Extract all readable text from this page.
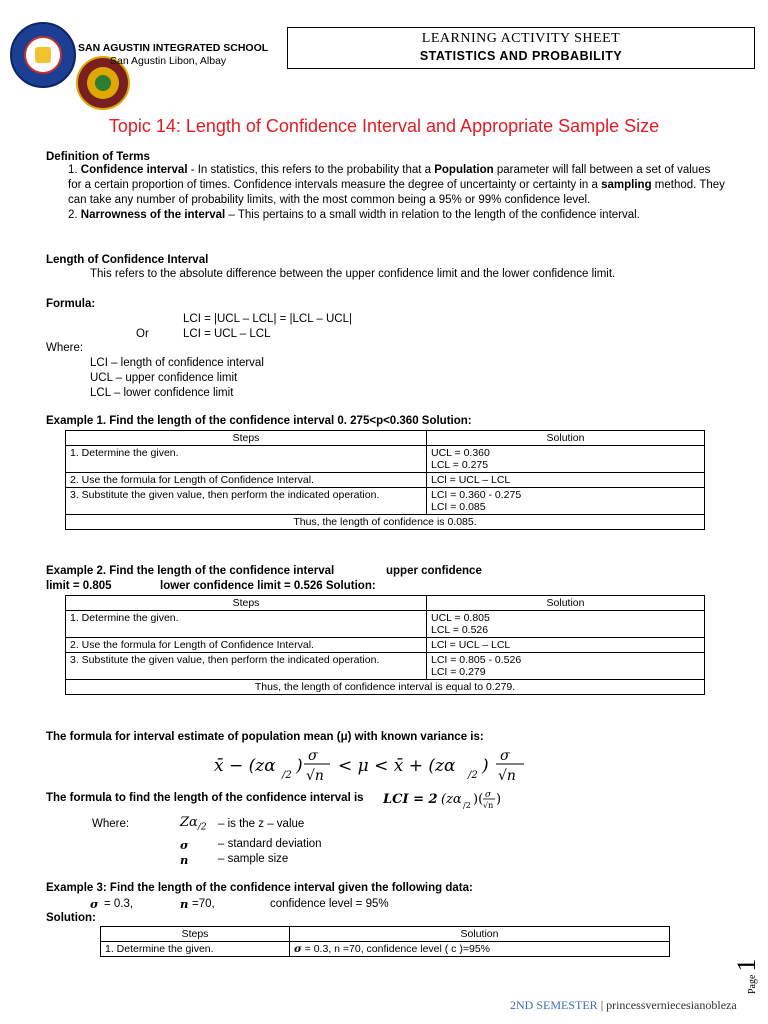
SAN AGUSTIN INTEGRATED SCHOOL
San Agustin Libon, Albay
LEARNING ACTIVITY SHEET
STATISTICS AND PROBABILITY
Topic 14: Length of Confidence Interval and Appropriate Sample Size

Definition of Terms

1. Confidence interval - In statistics, this refers to the probability that a Population parameter will fall between a set of values for a certain proportion of times. Confidence intervals measure the degree of uncertainty or certainty in a sampling method. They can take any number of probability limits, with the most common being a 95% or 99% confidence level.

2. Narrowness of the interval – This pertains to a small width in relation to the length of the confidence interval.

Length of Confidence Interval
This refers to the absolute difference between the upper confidence limit and the lower confidence limit.
Formula:
LCI = |UCL – LCL| = |LCL – UCL|
Or	LCI = UCL – LCL
Where:
LCI – length of confidence interval
UCL – upper confidence limit
LCL – lower confidence limit
Example 1. Find the length of the confidence interval 0. 275<p<0.360 Solution:
Steps	Solution
1. Determine the given.	UCL = 0.360
LCL = 0.275

2. Use the formula for Length of Confidence Interval.	LCl = UCL – LCL
3. Substitute the given value, then perform the indicated operation.	LCI = 0.360 - 0.275
LCI = 0.085

Thus, the length of confidence is 0.085.	
Example 2. Find the length of the confidence interval	upper confidence
limit = 0.805	lower confidence limit = 0.526 Solution:
Steps	Solution
1. Determine the given.	UCL = 0.805
LCL = 0.526

2. Use the formula for Length of Confidence Interval.	LCl = UCL – LCL
3. Substitute the given value, then perform the indicated operation.	LCI = 0.805 - 0.526
LCI = 0.279

Thus, the length of confidence interval is equal to 0.279.	
The formula for interval estimate of population mean (μ) with known variance is:
x̄ − (zα /2 ) σ
√n < μ < x̄ + (zα /2 ) σ
√n
The formula to find the length of the confidence interval is LCI = 2 (zα /2 )( σ
√n )
Where:	$Z\alpha_{/2}$ – is the z – value
σ	– standard deviation
n	– sample size
Example 3: Find the length of the confidence interval given the following data:
σ = 0.3,	n =70,	confidence level = 95%
Solution:
Steps	Solution
1. Determine the given.	σ = 0.3, n =70, confidence level ( c )=95%
Page 1
2ND SEMESTER | princessverniecesianobleza
